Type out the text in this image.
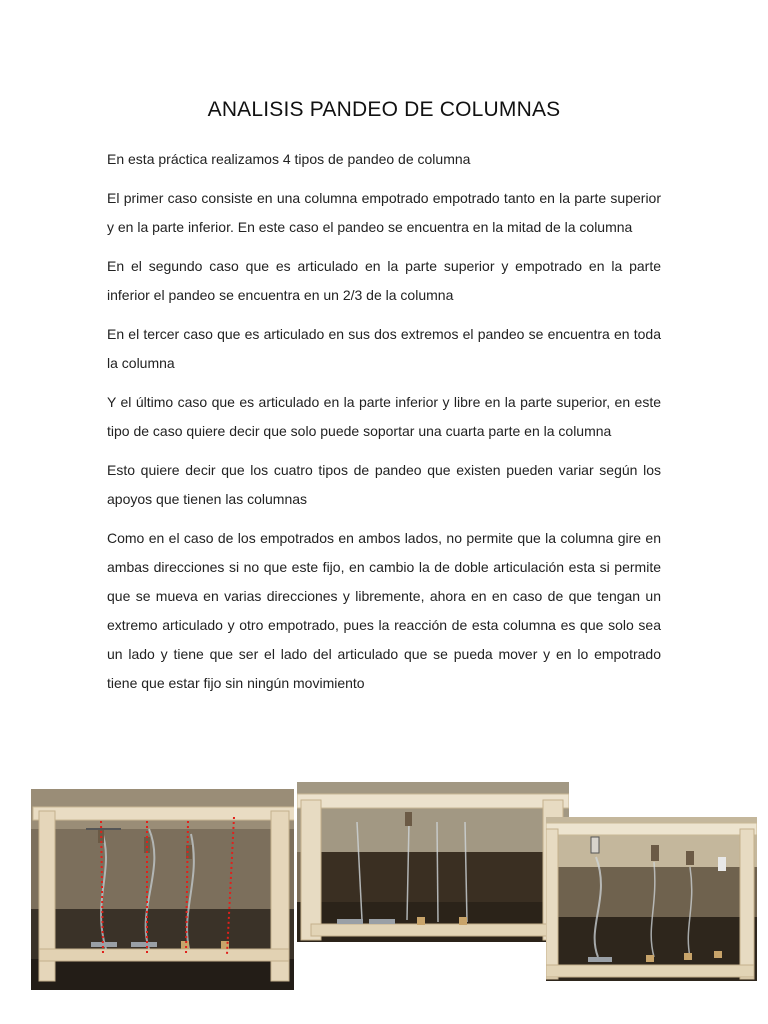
ANALISIS PANDEO DE COLUMNAS

En esta práctica realizamos 4 tipos de pandeo de columna

El primer caso consiste en una columna empotrado empotrado tanto en la parte superior y en la parte inferior. En este caso el pandeo se encuentra en la mitad de la columna

En el segundo caso que es articulado en la parte superior y empotrado en la parte inferior el pandeo se encuentra en un 2/3 de la columna

En el tercer caso que es articulado en sus dos extremos el pandeo se encuentra en toda la columna

Y el último caso que es articulado en la parte inferior y libre en la parte superior, en este tipo de caso quiere decir que solo puede soportar una cuarta parte en la columna

Esto quiere decir que los cuatro tipos de pandeo que existen pueden variar según los apoyos que tienen las columnas

Como en el caso de los empotrados en ambos lados, no permite que la columna gire en ambas direcciones si no que este fijo, en cambio la de doble articulación esta si permite que se mueva en varias direcciones y libremente, ahora en en caso de que tengan un extremo articulado y otro empotrado, pues la reacción de esta columna es que solo sea un lado y tiene que ser el lado del articulado que se pueda mover y en lo empotrado tiene que estar fijo sin ningún movimiento
